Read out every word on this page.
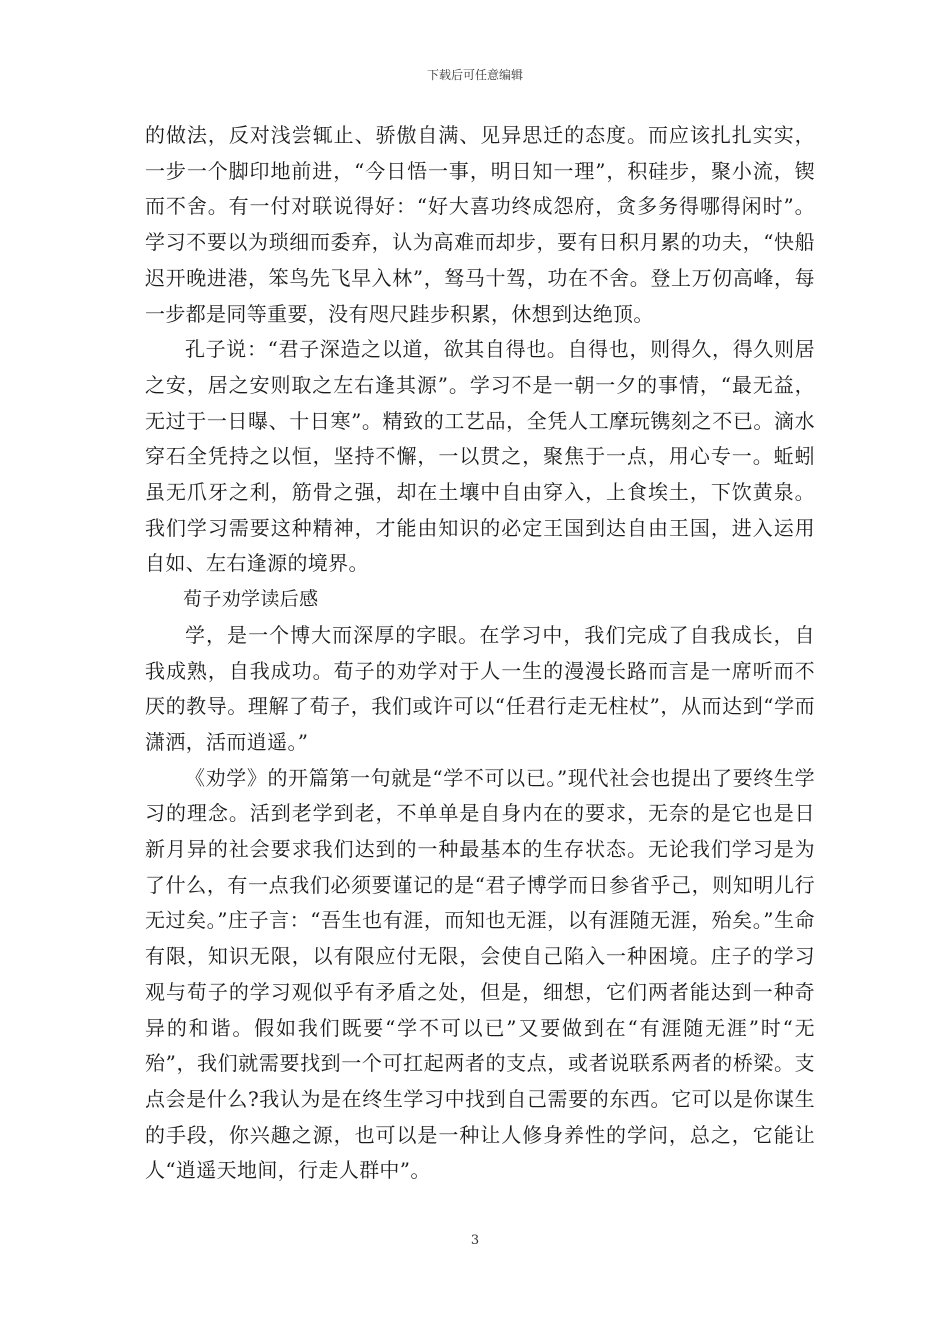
下载后可任意编辑

的做法，反对浅尝辄止、骄傲自满、见异思迁的态度。而应该扎扎实实，一步一个脚印地前进，“今日悟一事，明日知一理”，积硅步，聚小流，锲而不舍。有一付对联说得好：“好大喜功终成怨府，贪多务得哪得闲时”。学习不要以为琐细而委弃，认为高难而却步，要有日积月累的功夫，“快船迟开晚进港，笨鸟先飞早入林”，驽马十驾，功在不舍。登上万仞高峰，每一步都是同等重要，没有咫尺跬步积累，休想到达绝顶。

孔子说：“君子深造之以道，欲其自得也。自得也，则得久，得久则居之安，居之安则取之左右逢其源”。学习不是一朝一夕的事情，“最无益，无过于一日曝、十日寒”。精致的工艺品，全凭人工摩玩镌刻之不已。滴水穿石全凭持之以恒，坚持不懈，一以贯之，聚焦于一点，用心专一。蚯蚓虽无爪牙之利，筋骨之强，却在土壤中自由穿入，上食埃土，下饮黄泉。我们学习需要这种精神，才能由知识的必定王国到达自由王国，进入运用自如、左右逢源的境界。

荀子劝学读后感

学，是一个博大而深厚的字眼。在学习中，我们完成了自我成长，自我成熟，自我成功。荀子的劝学对于人一生的漫漫长路而言是一席听而不厌的教导。理解了荀子，我们或许可以“任君行走无柱杖”，从而达到“学而潇洒，活而逍遥。”

《劝学》的开篇第一句就是“学不可以已。”现代社会也提出了要终生学习的理念。活到老学到老，不单单是自身内在的要求，无奈的是它也是日新月异的社会要求我们达到的一种最基本的生存状态。无论我们学习是为了什么，有一点我们必须要谨记的是“君子博学而日参省乎己，则知明儿行无过矣。”庄子言：“吾生也有涯，而知也无涯，以有涯随无涯，殆矣。”生命有限，知识无限，以有限应付无限，会使自己陷入一种困境。庄子的学习观与荀子的学习观似乎有矛盾之处，但是，细想，它们两者能达到一种奇异的和谐。假如我们既要“学不可以已”又要做到在“有涯随无涯”时“无殆”，我们就需要找到一个可扛起两者的支点，或者说联系两者的桥梁。支点会是什么?我认为是在终生学习中找到自己需要的东西。它可以是你谋生的手段，你兴趣之源，也可以是一种让人修身养性的学问，总之，它能让人“逍遥天地间，行走人群中”。

3
